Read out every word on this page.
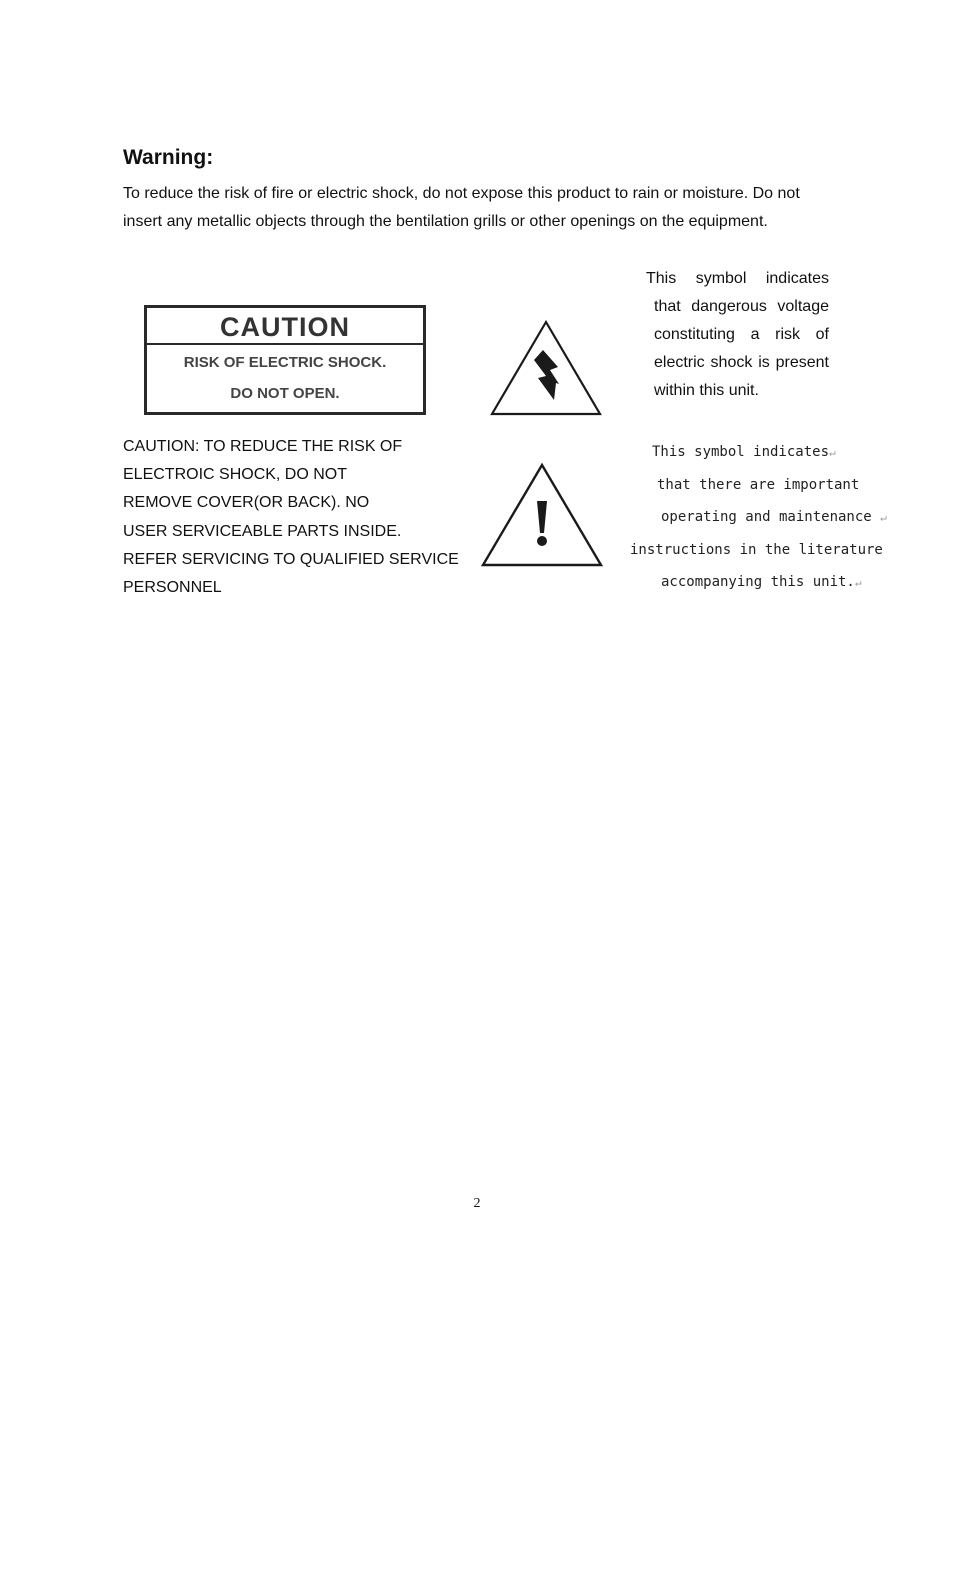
Warning:

To reduce the risk of fire or electric shock, do not expose this product to rain or moisture. Do not insert any metallic objects through the bentilation grills or other openings on the equipment.

CAUTION
RISK OF ELECTRIC SHOCK.
DO NOT OPEN.
This symbol indicates
that dangerous voltage
constituting a risk of
electric shock is present
within this unit.
CAUTION: TO REDUCE THE RISK OF
ELECTROIC SHOCK, DO NOT
REMOVE COVER(OR BACK). NO
USER SERVICEABLE PARTS INSIDE.
REFER SERVICING TO QUALIFIED SERVICE
PERSONNEL
This symbol indicates↵
that there are important
operating and maintenance ↵
instructions in the literature
accompanying this unit.↵

2
